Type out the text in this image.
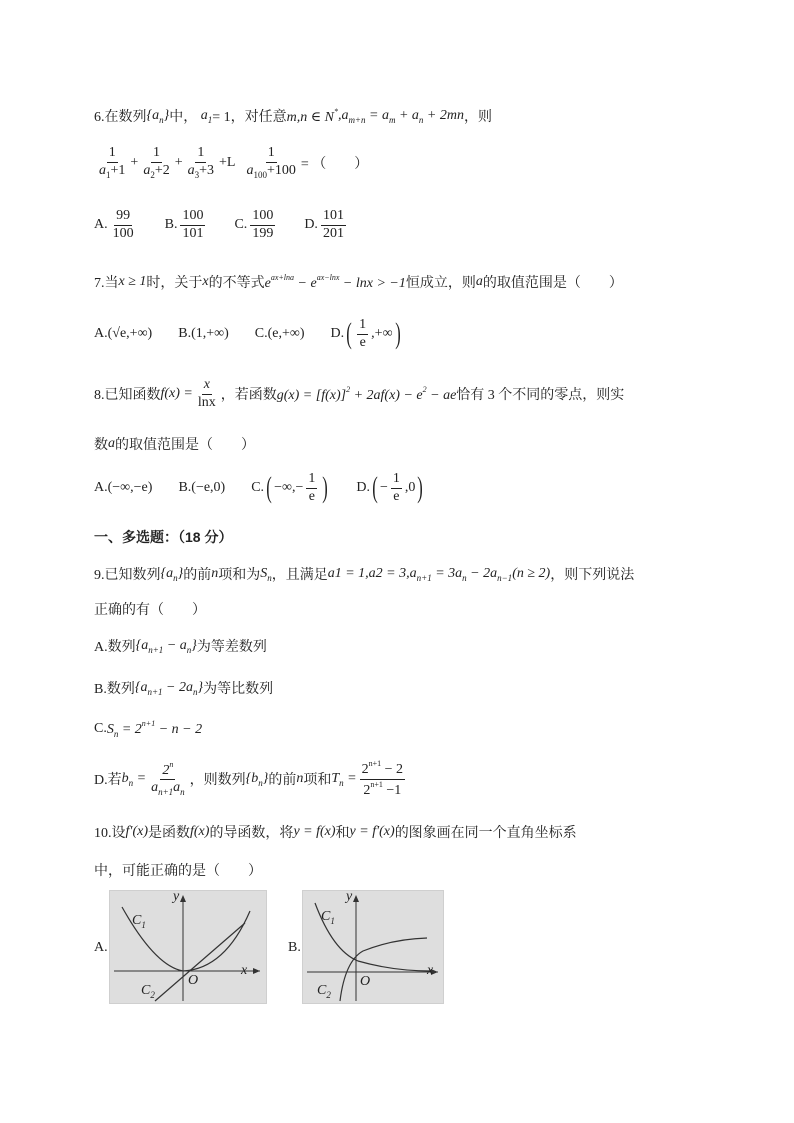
6.在数列 $\{a_n\}$ 中， $a_1 = 1$，对任意 m,n ∈ N* $,a_{m+n} = a_m + a_n + 2mn$ ，则
$\frac{1}{a_1+1} + \frac{1}{a_2+2} + \frac{1}{a_3+3} +L \frac{1}{a_{100}+100}$ = （　　）
A. $\frac{99}{100} B$. $\frac{100}{101} C$. $\frac{100}{199} D$. $\frac{101}{201}$
7.当 x ≥ 1 时，关于 x 的不等式 $e^{ax+lna} - e^{ax-lnx} - \ln x > -1$ 恒成立，则 a 的取值范围是（　　）
A. (√e,+∞) B. (1,+∞) C. (e,+∞) D. ( $\frac{1}{e}$ ,+∞ )
8.已知函数 $f(x) = \frac{x}{\ln x}$ ，若函数 $g(x) = [f(x)]^2 + 2af(x) - e^2$ − ae 恰有 3 个不同的零点，则实
数 a 的取值范围是（　　）
A. (−∞,−e) B. (−e,0) C. ( −∞,− $\frac{1}{e}$ ) D. ( − $\frac{1}{e} ,0$ )
一、多选题：（18 分）
9.已知数列 $\{a_n\}$ 的前 n 项和为 $S_n$ ，且满足 $a1 = 1,a2 = 3,a_{n+1} = 3a_n - 2a_{n-1}(n \ge 2)$ ，则下列说法
正确的有（　　）
A.数列 $\{a_{n+1} - a_n\}$ 为等差数列
B.数列 $\{a_{n+1} - 2a_n\}$ 为等比数列
C. $S_n = 2^{n+1} - n - 2$
D.若 $b_n = \frac{2^n}{a_{n+1}a_n}$ ，则数列 $\{b_n\}$ 的前 n 项和 $T_n = \frac{2^{n+1} - 2}{2^{n+1} -1}$
10.设 f′(x) 是函数 f(x) 的导函数，将 y = f(x) 和 y = f′(x) 的图象画在同一个直角坐标系
中，可能正确的是（　　）
A.
y
x
O
$C_1$
$C_2$
B.
y
x
O
$C_1$
$C_2$
